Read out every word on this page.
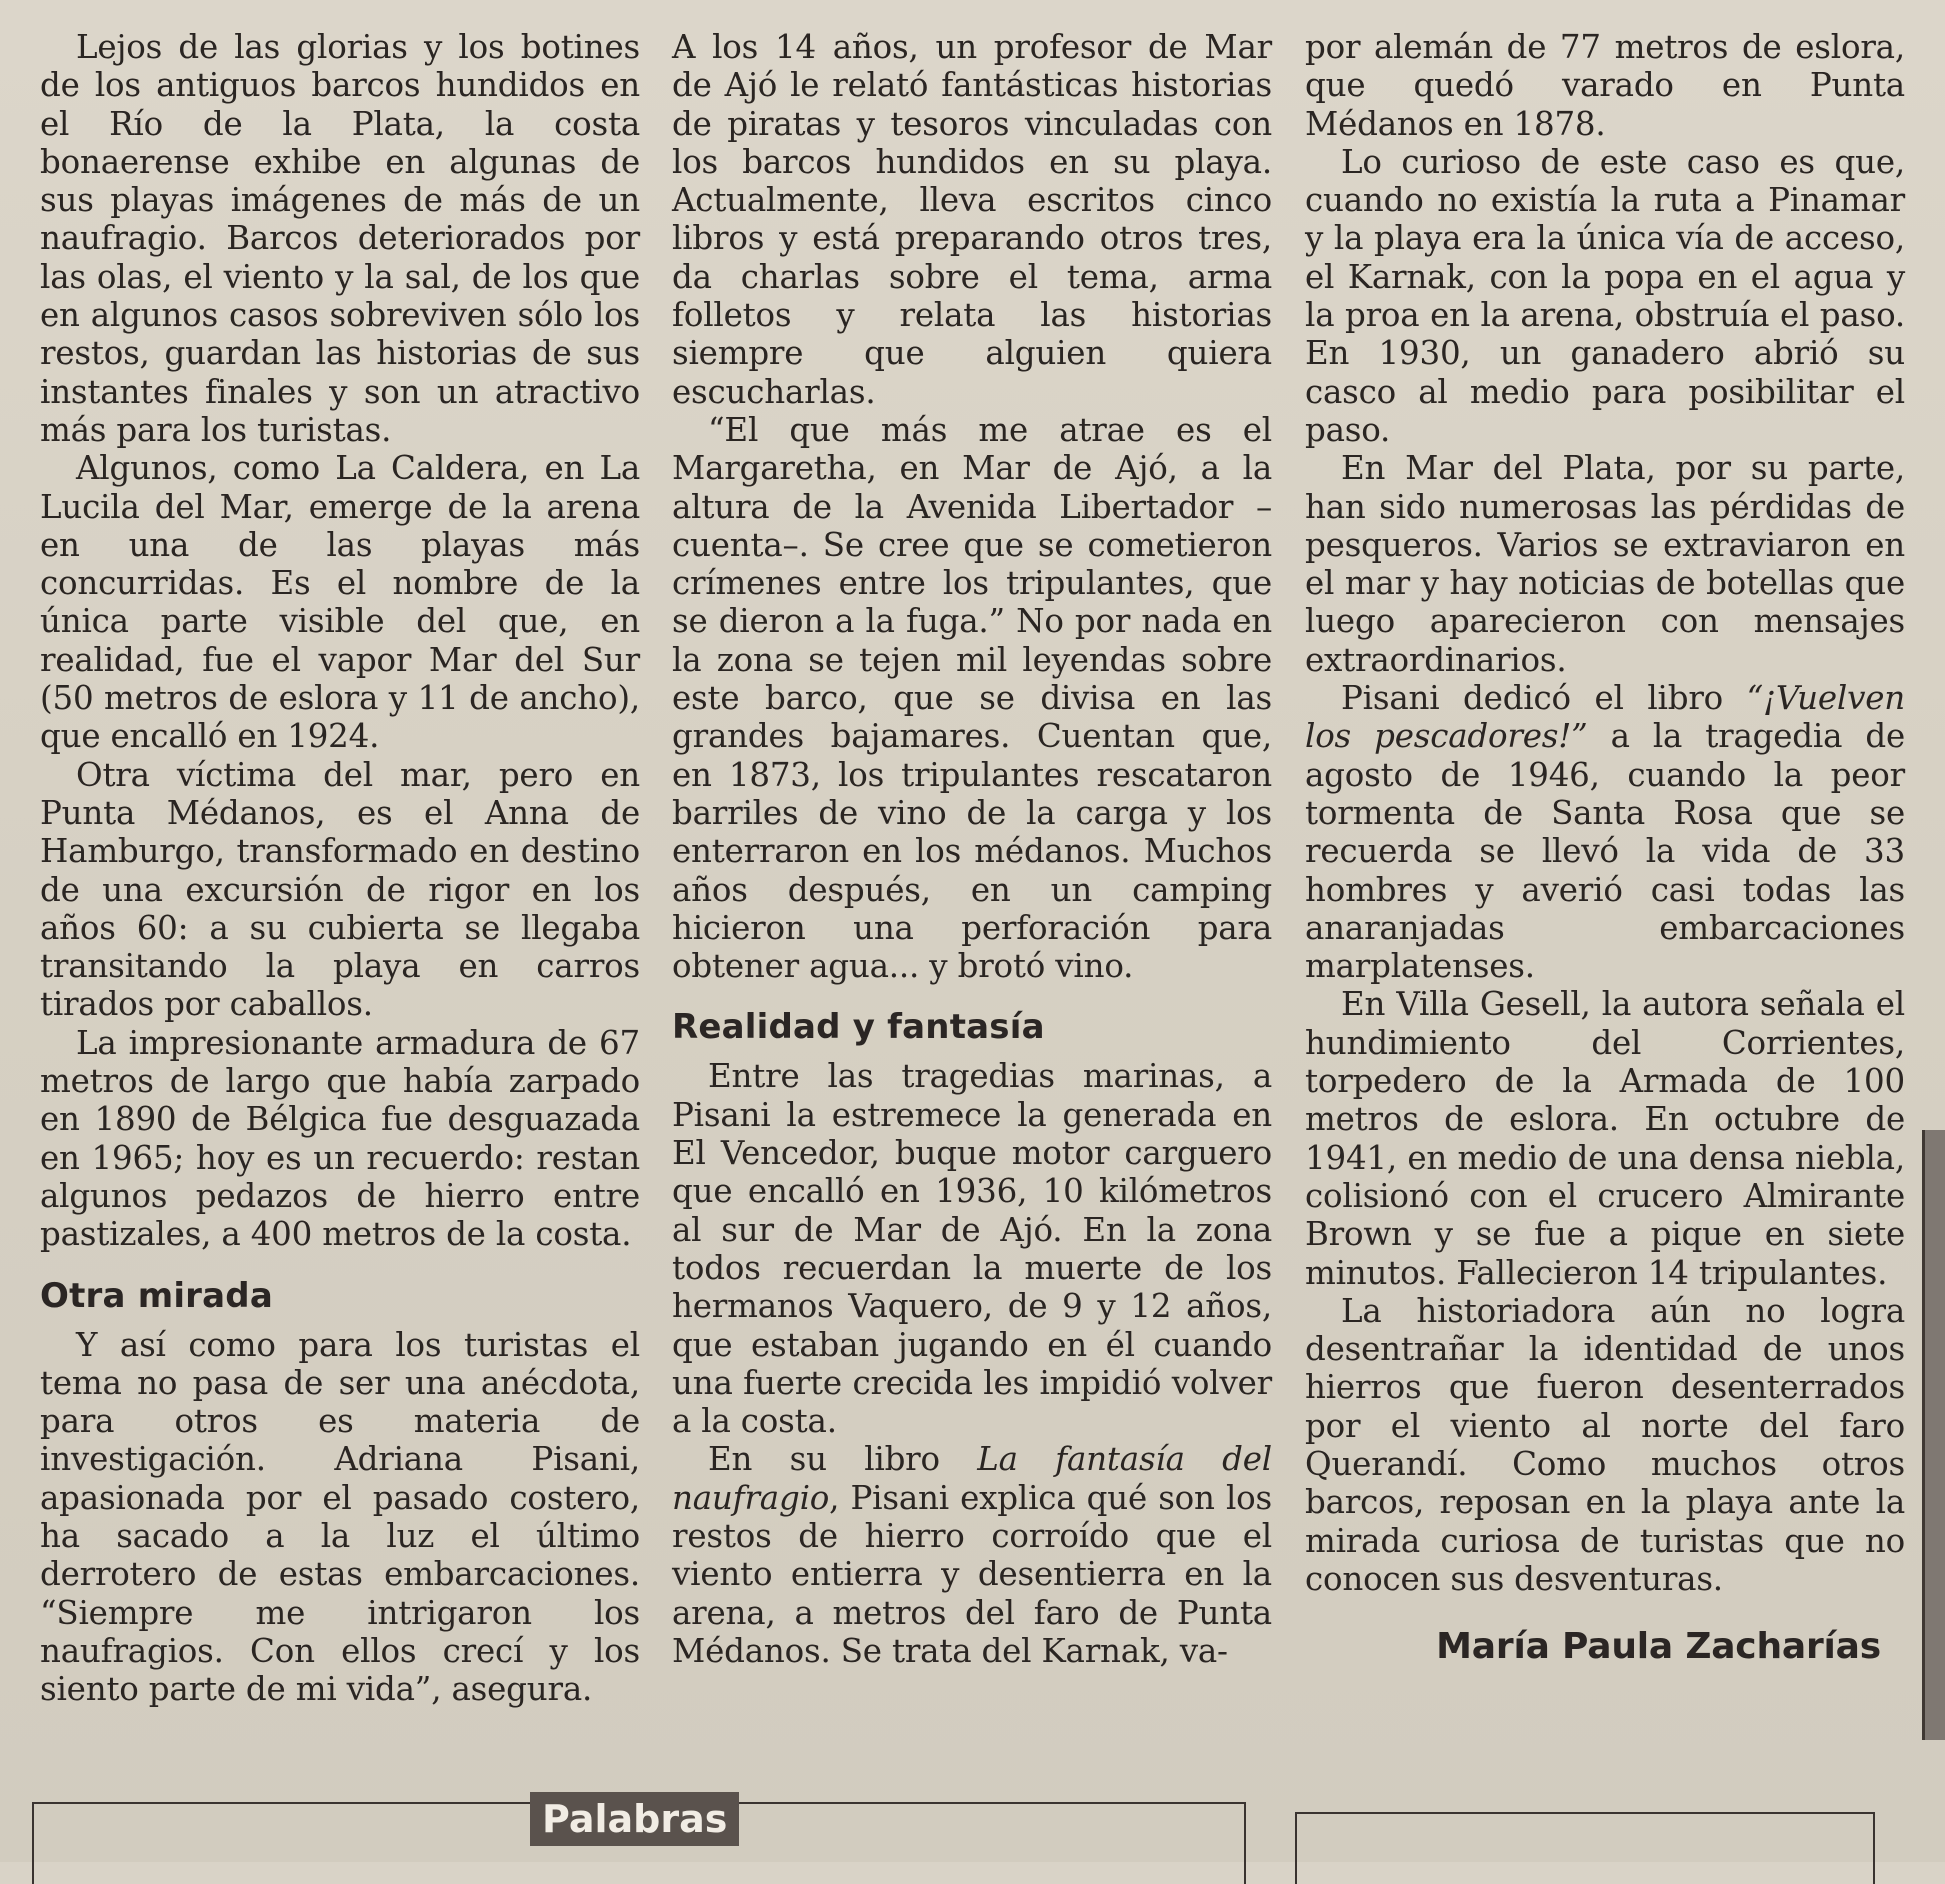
Lejos de las glorias y los botines de los antiguos barcos hundidos en el Río de la Plata, la costa bonaerense exhibe en algunas de sus playas imágenes de más de un naufragio. Barcos deteriorados por las olas, el viento y la sal, de los que en algunos casos sobreviven sólo los restos, guardan las historias de sus instantes finales y son un atractivo más para los turistas.

Algunos, como La Caldera, en La Lucila del Mar, emerge de la arena en una de las playas más concurridas. Es el nombre de la única parte visible del que, en realidad, fue el vapor Mar del Sur (50 metros de eslora y 11 de ancho), que encalló en 1924.

Otra víctima del mar, pero en Punta Médanos, es el Anna de Hamburgo, transformado en destino de una excursión de rigor en los años 60: a su cubierta se llegaba transitando la playa en carros tirados por caballos.

La impresionante armadura de 67 metros de largo que había zarpado en 1890 de Bélgica fue desguazada en 1965; hoy es un recuerdo: restan algunos pedazos de hierro entre pastizales, a 400 metros de la costa.

Otra mirada

Y así como para los turistas el tema no pasa de ser una anécdota, para otros es materia de investigación. Adriana Pisani, apasionada por el pasado costero, ha sacado a la luz el último derrotero de estas embarcaciones. “Siempre me intrigaron los naufragios. Con ellos crecí y los siento parte de mi vida”, asegura.

A los 14 años, un profesor de Mar de Ajó le relató fantásticas historias de piratas y tesoros vinculadas con los barcos hundidos en su playa. Actualmente, lleva escritos cinco libros y está preparando otros tres, da charlas sobre el tema, arma folletos y relata las historias siempre que alguien quiera escucharlas.

“El que más me atrae es el Margaretha, en Mar de Ajó, a la altura de la Avenida Libertador –cuenta–. Se cree que se cometieron crímenes entre los tripulantes, que se dieron a la fuga.” No por nada en la zona se tejen mil leyendas sobre este barco, que se divisa en las grandes bajamares. Cuentan que, en 1873, los tripulantes rescataron barriles de vino de la carga y los enterraron en los médanos. Muchos años después, en un camping hicieron una perforación para obtener agua... y brotó vino.

Realidad y fantasía

Entre las tragedias marinas, a Pisani la estremece la generada en El Vencedor, buque motor carguero que encalló en 1936, 10 kilómetros al sur de Mar de Ajó. En la zona todos recuerdan la muerte de los hermanos Vaquero, de 9 y 12 años, que estaban jugando en él cuando una fuerte crecida les impidió volver a la costa.

En su libro La fantasía del naufragio, Pisani explica qué son los restos de hierro corroído que el viento entierra y desentierra en la arena, a metros del faro de Punta Médanos. Se trata del Karnak, va-

por alemán de 77 metros de eslora, que quedó varado en Punta Médanos en 1878.

Lo curioso de este caso es que, cuando no existía la ruta a Pinamar y la playa era la única vía de acceso, el Karnak, con la popa en el agua y la proa en la arena, obstruía el paso. En 1930, un ganadero abrió su casco al medio para posibilitar el paso.

En Mar del Plata, por su parte, han sido numerosas las pérdidas de pesqueros. Varios se extraviaron en el mar y hay noticias de botellas que luego aparecieron con mensajes extraordinarios.

Pisani dedicó el libro “¡Vuelven los pescadores!” a la tragedia de agosto de 1946, cuando la peor tormenta de Santa Rosa que se recuerda se llevó la vida de 33 hombres y averió casi todas las anaranjadas embarcaciones marplatenses.

En Villa Gesell, la autora señala el hundimiento del Corrientes, torpedero de la Armada de 100 metros de eslora. En octubre de 1941, en medio de una densa niebla, colisionó con el crucero Almirante Brown y se fue a pique en siete minutos. Fallecieron 14 tripulantes.

La historiadora aún no logra desentrañar la identidad de unos hierros que fueron desenterrados por el viento al norte del faro Querandí. Como muchos otros barcos, reposan en la playa ante la mirada curiosa de turistas que no conocen sus desventuras.

María Paula Zacharías
Palabras
